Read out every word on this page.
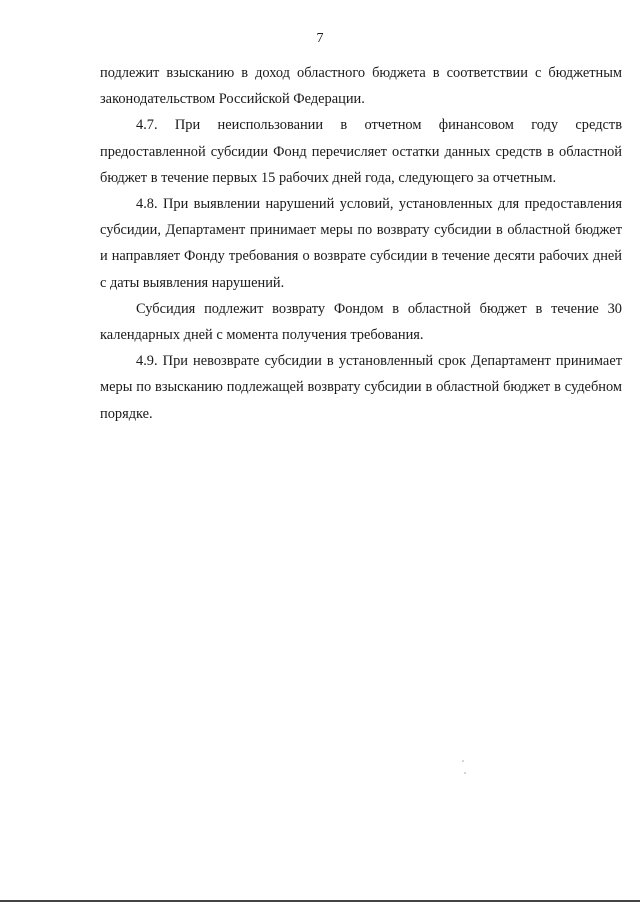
7

подлежит взысканию в доход областного бюджета в соответствии с бюджетным законодательством Российской Федерации.

4.7. При неиспользовании в отчетном финансовом году средств предоставленной субсидии Фонд перечисляет остатки данных средств в областной бюджет в течение первых 15 рабочих дней года, следующего за отчетным.

4.8. При выявлении нарушений условий, установленных для предоставления субсидии, Департамент принимает меры по возврату субсидии в областной бюджет и направляет Фонду требования о возврате субсидии в течение десяти рабочих дней с даты выявления нарушений.

Субсидия подлежит возврату Фондом в областной бюджет в течение 30 календарных дней с момента получения требования.

4.9. При невозврате субсидии в установленный срок Департамент принимает меры по взысканию подлежащей возврату субсидии в областной бюджет в судебном порядке.
